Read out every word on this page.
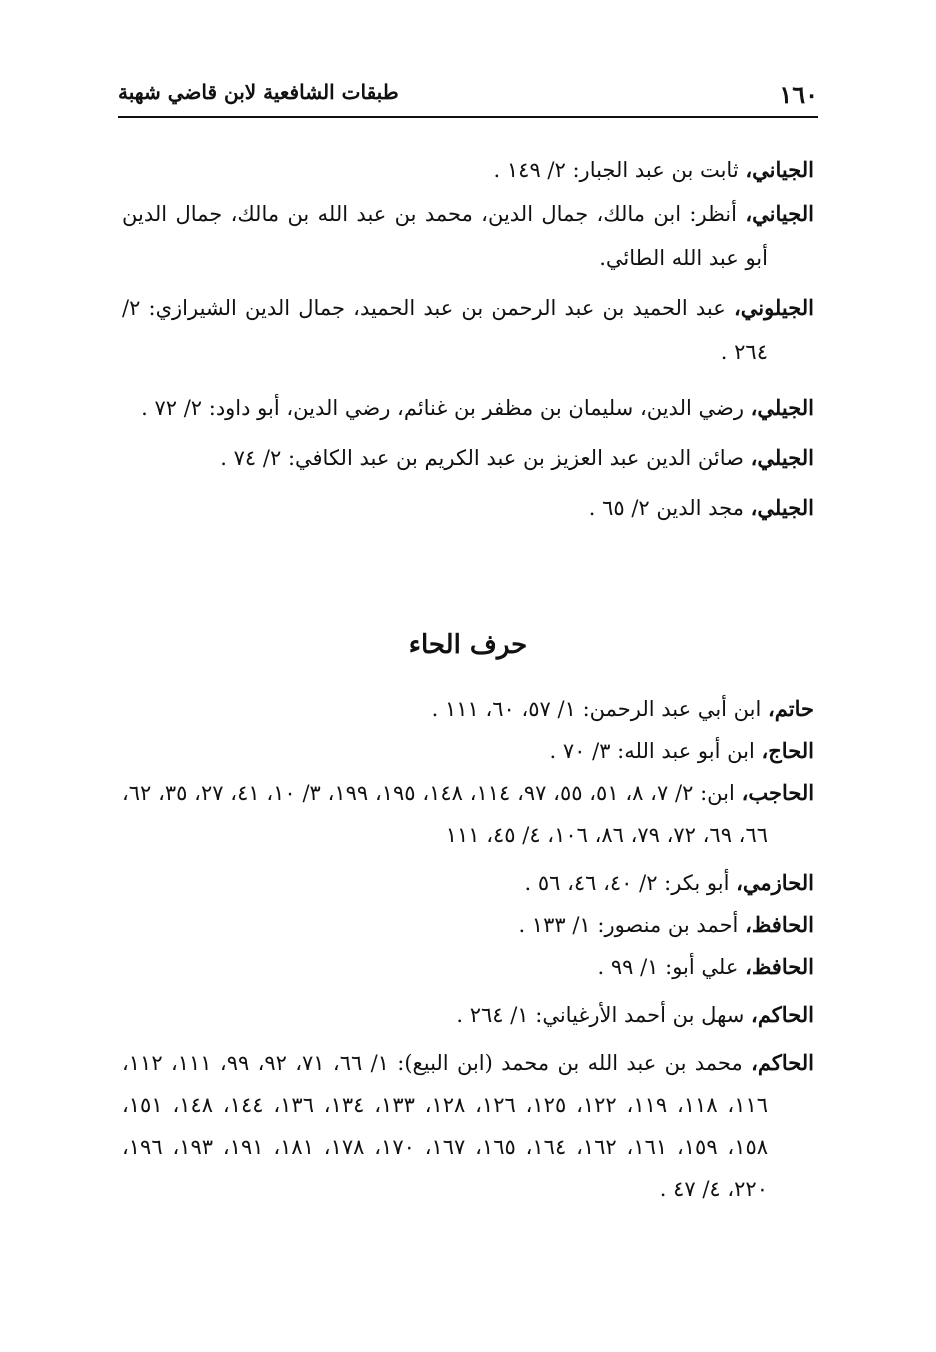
١٦٠
طبقات الشافعية لابن قاضي شهبة

الجياني، ثابت بن عبد الجبار: ٢/ ١٤٩ .

الجياني، أنظر: ابن مالك، جمال الدين، محمد بن عبد الله بن مالك، جمال الدين أبو عبد الله الطائي.

الجيلوني، عبد الحميد بن عبد الرحمن بن عبد الحميد، جمال الدين الشيرازي: ٢/ ٢٦٤ .

الجيلي، رضي الدين، سليمان بن مظفر بن غنائم، رضي الدين، أبو داود: ٢/ ٧٢ .

الجيلي، صائن الدين عبد العزيز بن عبد الكريم بن عبد الكافي: ٢/ ٧٤ .

الجيلي، مجد الدين ٢/ ٦٥ .

حرف الحاء

حاتم، ابن أبي عبد الرحمن: ١/ ٥٧، ٦٠، ١١١ .

الحاج، ابن أبو عبد الله: ٣/ ٧٠ .

الحاجب، ابن: ٢/ ٧، ٨، ٥١، ٥٥، ٩٧، ١١٤، ١٤٨، ١٩٥، ١٩٩، ٣/ ١٠، ٤١، ٢٧، ٣٥، ٦٢، ٦٦، ٦٩، ٧٢، ٧٩، ٨٦، ١٠٦، ٤/ ٤٥، ١١١

الحازمي، أبو بكر: ٢/ ٤٠، ٤٦، ٥٦ .

الحافظ، أحمد بن منصور: ١/ ١٣٣ .

الحافظ، علي أبو: ١/ ٩٩ .

الحاكم، سهل بن أحمد الأرغياني: ١/ ٢٦٤ .

الحاكم، محمد بن عبد الله بن محمد (ابن البيع): ١/ ٦٦، ٧١، ٩٢، ٩٩، ١١١، ١١٢، ١١٦، ١١٨، ١١٩، ١٢٢، ١٢٥، ١٢٦، ١٢٨، ١٣٣، ١٣٤، ١٣٦، ١٤٤، ١٤٨، ١٥١، ١٥٨، ١٥٩، ١٦١، ١٦٢، ١٦٤، ١٦٥، ١٦٧، ١٧٠، ١٧٨، ١٨١، ١٩١، ١٩٣، ١٩٦، ٢٢٠، ٤/ ٤٧ .
